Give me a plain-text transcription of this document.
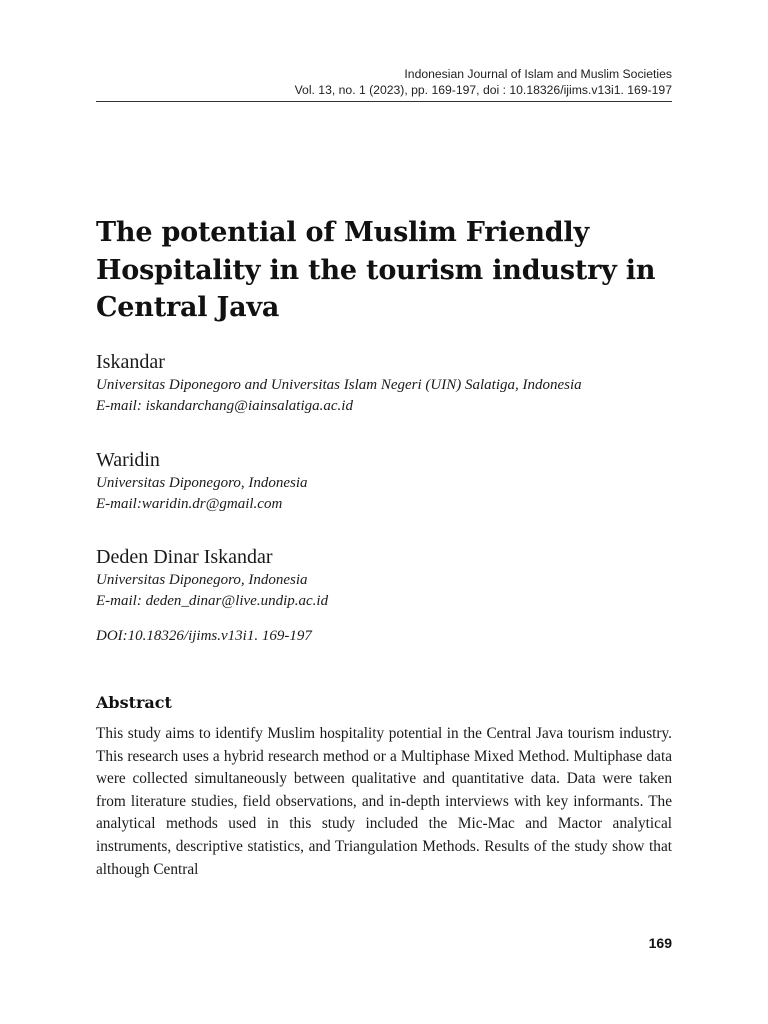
Indonesian Journal of Islam and Muslim Societies
Vol. 13, no. 1 (2023), pp. 169-197, doi : 10.18326/ijims.v13i1. 169-197
The potential of Muslim Friendly Hospitality in the tourism industry in Central Java
Iskandar
Universitas Diponegoro and Universitas Islam Negeri (UIN) Salatiga, Indonesia
E-mail: iskandarchang@iainsalatiga.ac.id
Waridin
Universitas Diponegoro, Indonesia
E-mail:waridin.dr@gmail.com
Deden Dinar Iskandar
Universitas Diponegoro, Indonesia
E-mail: deden_dinar@live.undip.ac.id
DOI:10.18326/ijims.v13i1. 169-197
Abstract

This study aims to identify Muslim hospitality potential in the Central Java tourism industry. This research uses a hybrid research method or a Multiphase Mixed Method. Multiphase data were collected simultaneously between qualitative and quantitative data. Data were taken from literature studies, field observations, and in-depth interviews with key informants. The analytical methods used in this study included the Mic-Mac and Mactor analytical instruments, descriptive statistics, and Triangulation Methods. Results of the study show that although Central

169
